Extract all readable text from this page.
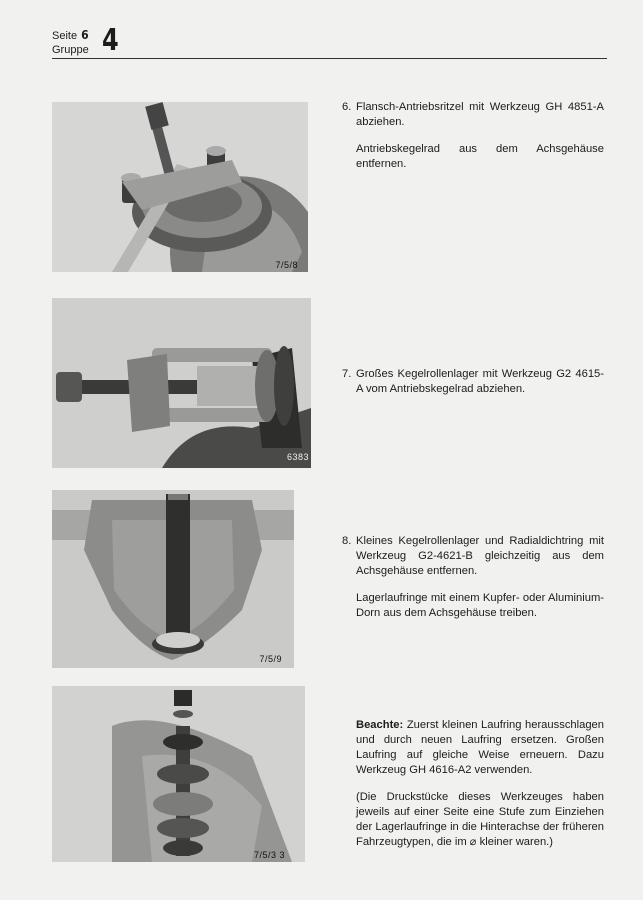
Seite 6
Gruppe 4
7/5/8
6383
7/5/9
7/5/3 3
6. Flansch-Antriebsritzel mit Werkzeug GH 4851-A abziehen.

Antriebskegelrad aus dem Achsgehäuse entfernen.

7. Großes Kegelrollenlager mit Werkzeug G2 4615-A vom Antriebskegelrad abziehen.
8. Kleines Kegelrollenlager und Radialdichtring mit Werkzeug G2-4621-B gleichzeitig aus dem Achsgehäuse entfernen.

Lagerlaufringe mit einem Kupfer- oder Aluminium-Dorn aus dem Achsgehäuse treiben.

Beachte: Zuerst kleinen Laufring herausschlagen und durch neuen Laufring ersetzen. Großen Laufring auf gleiche Weise erneuern. Dazu Werkzeug GH 4616-A2 verwenden.

(Die Druckstücke dieses Werkzeuges haben jeweils auf einer Seite eine Stufe zum Einziehen der Lagerlaufringe in die Hinterachse der früheren Fahrzeugtypen, die im ⌀ kleiner waren.)
